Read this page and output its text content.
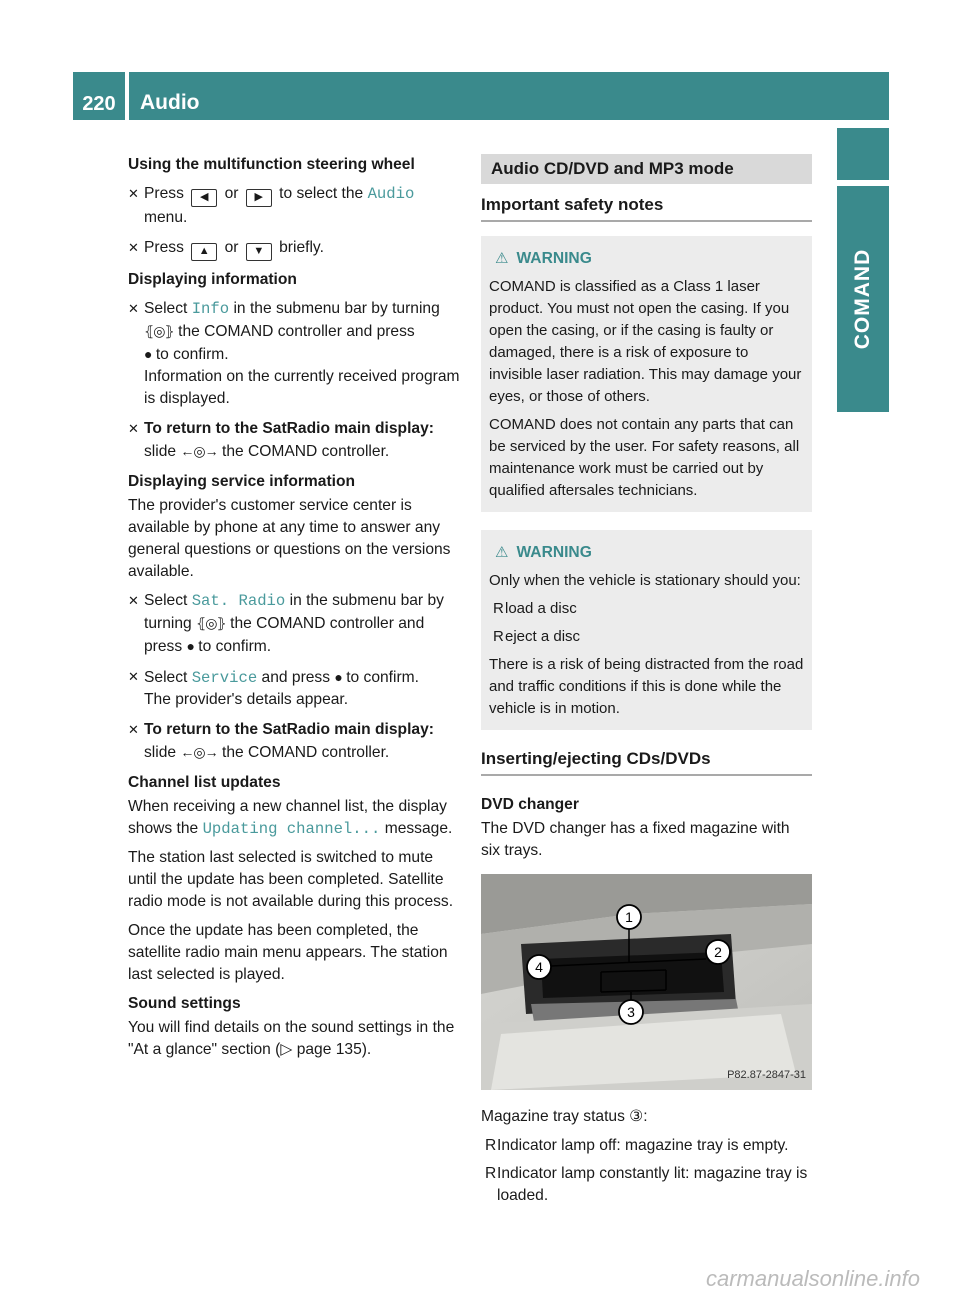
220	Audio
COMAND
Using the multifunction steering wheel
✕ Press ◀ or ▶ to select the Audio
menu.
✕ Press ▲ or ▼ briefly.
Displaying information
✕ Select Info in the submenu bar by turning
⦃◎⦄ the COMAND controller and press
● to confirm.
Information on the currently received program is displayed.
✕ To return to the SatRadio main display:
slide ←◎→ the COMAND controller.
Displaying service information

The provider's customer service center is available by phone at any time to answer any general questions or questions on the versions available.

✕ Select Sat. Radio in the submenu bar by turning ⦃◎⦄ the COMAND controller and press ● to confirm.
✕ Select Service and press ● to confirm.
The provider's details appear.
✕ To return to the SatRadio main display:
slide ←◎→ the COMAND controller.
Channel list updates

When receiving a new channel list, the display shows the Updating channel... message.

The station last selected is switched to mute until the update has been completed. Satellite radio mode is not available during this process.

Once the update has been completed, the satellite radio main menu appears. The station last selected is played.

Sound settings

You will find details on the sound settings in the "At a glance" section (▷ page 135).

Audio CD/DVD and MP3 mode
Important safety notes
⚠ WARNING

COMAND is classified as a Class 1 laser product. You must not open the casing. If you open the casing, or if the casing is faulty or damaged, there is a risk of exposure to invisible laser radiation. This may damage your eyes, or those of others.

COMAND does not contain any parts that can be serviced by the user. For safety reasons, all maintenance work must be carried out by qualified aftersales technicians.

⚠ WARNING

Only when the vehicle is stationary should you:

R load a disc
R eject a disc

There is a risk of being distracted from the road and traffic conditions if this is done while the vehicle is in motion.

Inserting/ejecting CDs/DVDs
DVD changer

The DVD changer has a fixed magazine with six trays.

1
2
3
4
P82.87-2847-31

Magazine tray status ③:

R Indicator lamp off: magazine tray is empty.
R Indicator lamp constantly lit: magazine tray is loaded.
carmanualsonline.info
